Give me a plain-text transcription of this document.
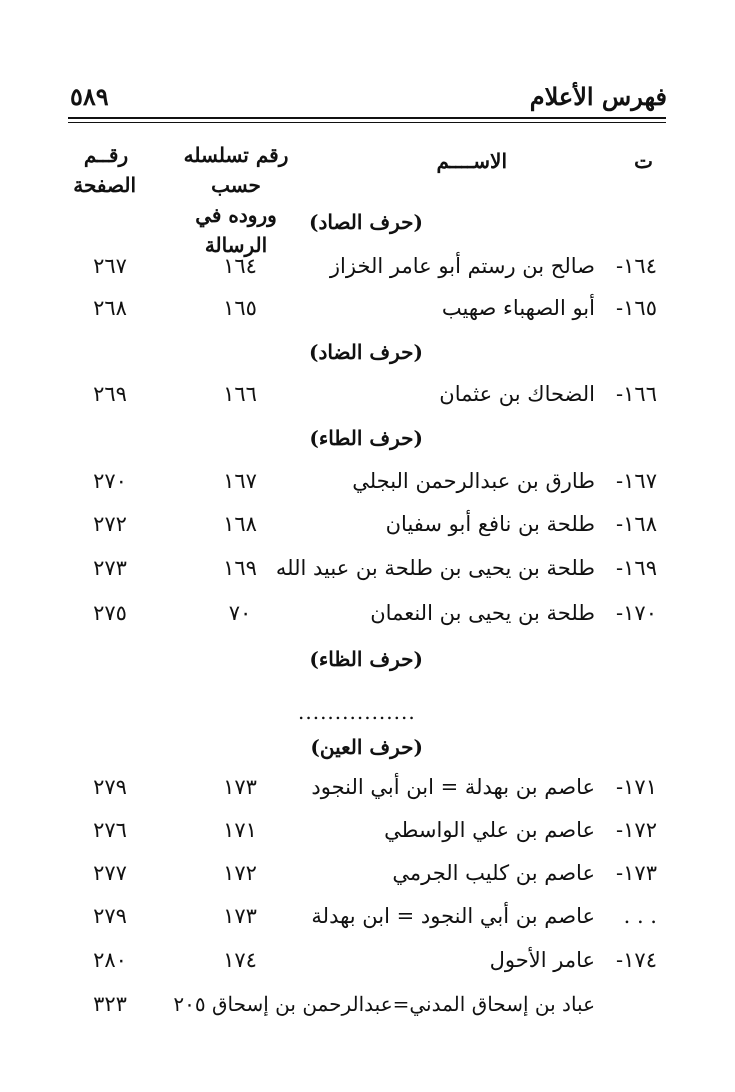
فهرس الأعلام
٥٨٩
ت
الاســــم
رقم تسلسله حسب
وروده في الرسالة
رقــم
الصفحة
(حرف الصاد)
١٦٤-
صالح بن رستم أبو عامر الخزاز
١٦٤
٢٦٧
١٦٥-
أبو الصهباء صهيب
١٦٥
٢٦٨
(حرف الضاد)
١٦٦-
الضحاك بن عثمان
١٦٦
٢٦٩
(حرف الطاء)
١٦٧-
طارق بن عبدالرحمن البجلي
١٦٧
٢٧٠
١٦٨-
طلحة بن نافع أبو سفيان
١٦٨
٢٧٢
١٦٩-
طلحة بن يحيى بن طلحة بن عبيد الله
١٦٩
٢٧٣
١٧٠-
طلحة بن يحيى بن النعمان
٧٠
٢٧٥
(حرف الظاء)
................
(حرف العين)
١٧١-
عاصم بن بهدلة = ابن أبي النجود
١٧٣
٢٧٩
١٧٢-
عاصم بن علي الواسطي
١٧١
٢٧٦
١٧٣-
عاصم بن كليب الجرمي
١٧٢
٢٧٧
. . .
عاصم بن أبي النجود = ابن بهدلة
١٧٣
٢٧٩
١٧٤-
عامر الأحول
١٧٤
٢٨٠
عباد بن إسحاق المدني=عبدالرحمن بن إسحاق ٢٠٥
٣٢٣
